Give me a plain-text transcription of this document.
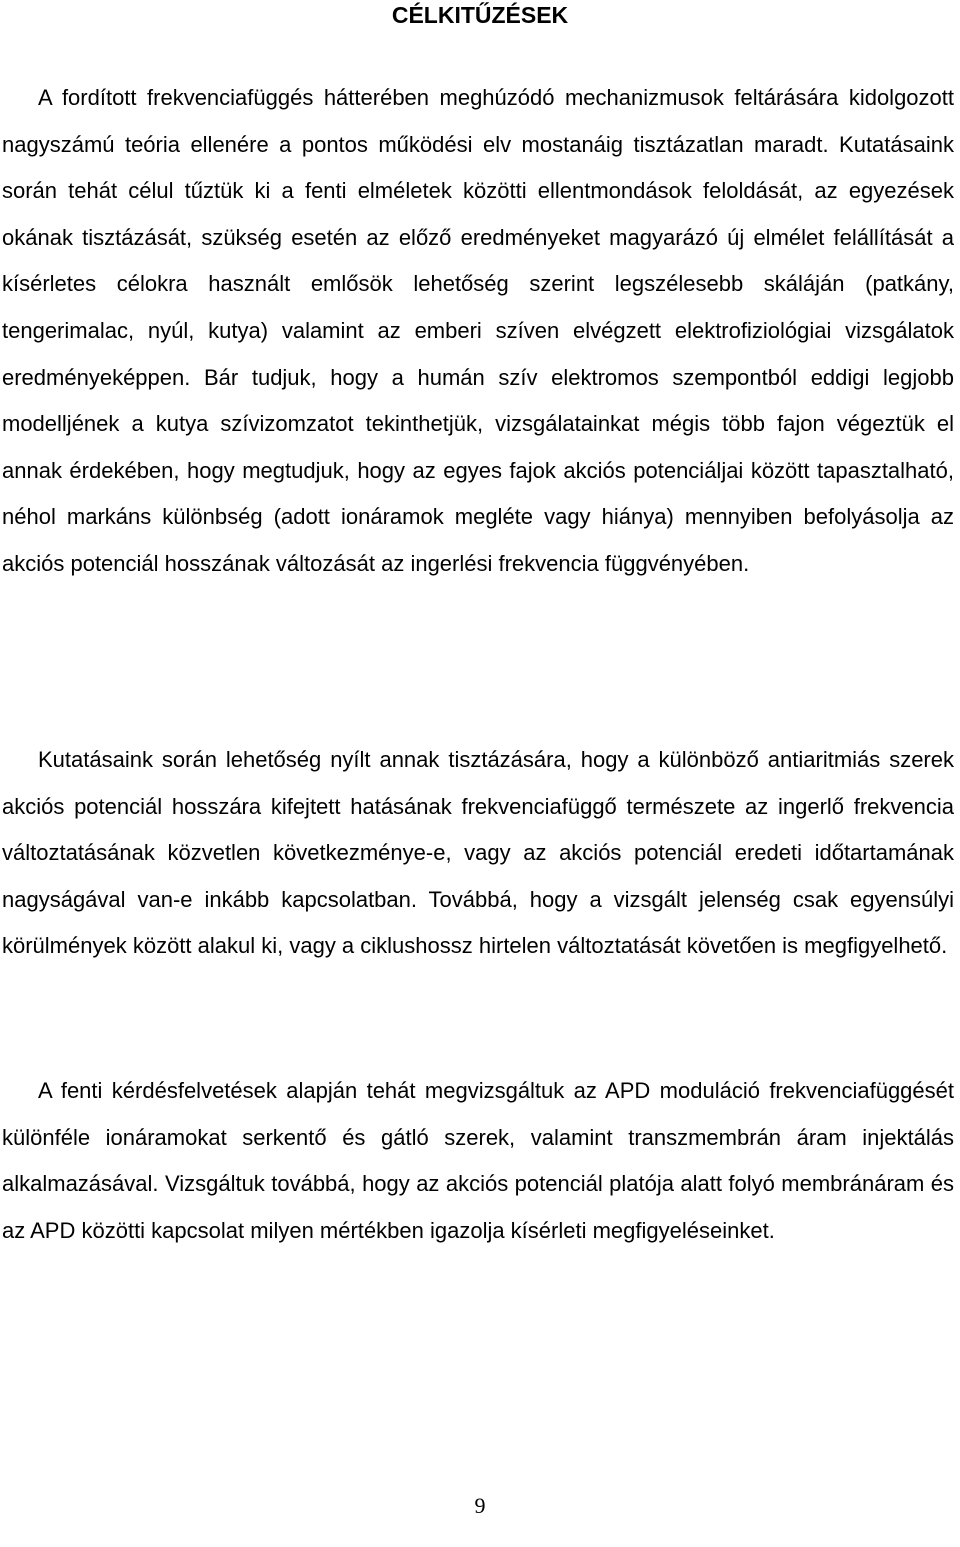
CÉLKITŰZÉSEK

A fordított frekvenciafüggés hátterében meghúzódó mechanizmusok feltárására kidolgozott nagyszámú teória ellenére a pontos működési elv mostanáig tisztázatlan maradt. Kutatásaink során tehát célul tűztük ki a fenti elméletek közötti ellentmondások feloldását, az egyezések okának tisztázását, szükség esetén az előző eredményeket magyarázó új elmélet felállítását a kísérletes célokra használt emlősök lehetőség szerint legszélesebb skáláján (patkány, tengerimalac, nyúl, kutya) valamint az emberi szíven elvégzett elektrofiziológiai vizsgálatok eredményeképpen. Bár tudjuk, hogy a humán szív elektromos szempontból eddigi legjobb modelljének a kutya szívizomzatot tekinthetjük, vizsgálatainkat mégis több fajon végeztük el annak érdekében, hogy megtudjuk, hogy az egyes fajok akciós potenciáljai között tapasztalható, néhol markáns különbség (adott ionáramok megléte vagy hiánya) mennyiben befolyásolja az akciós potenciál hosszának változását az ingerlési frekvencia függvényében.

Kutatásaink során lehetőség nyílt annak tisztázására, hogy a különböző antiaritmiás szerek akciós potenciál hosszára kifejtett hatásának frekvenciafüggő természete az ingerlő frekvencia változtatásának közvetlen következménye-e, vagy az akciós potenciál eredeti időtartamának nagyságával van-e inkább kapcsolatban. Továbbá, hogy a vizsgált jelenség csak egyensúlyi körülmények között alakul ki, vagy a ciklushossz hirtelen változtatását követően is megfigyelhető.

A fenti kérdésfelvetések alapján tehát megvizsgáltuk az APD moduláció frekvenciafüggését különféle ionáramokat serkentő és gátló szerek, valamint transzmembrán áram injektálás alkalmazásával. Vizsgáltuk továbbá, hogy az akciós potenciál platója alatt folyó membránáram és az APD közötti kapcsolat milyen mértékben igazolja kísérleti megfigyeléseinket.

9
